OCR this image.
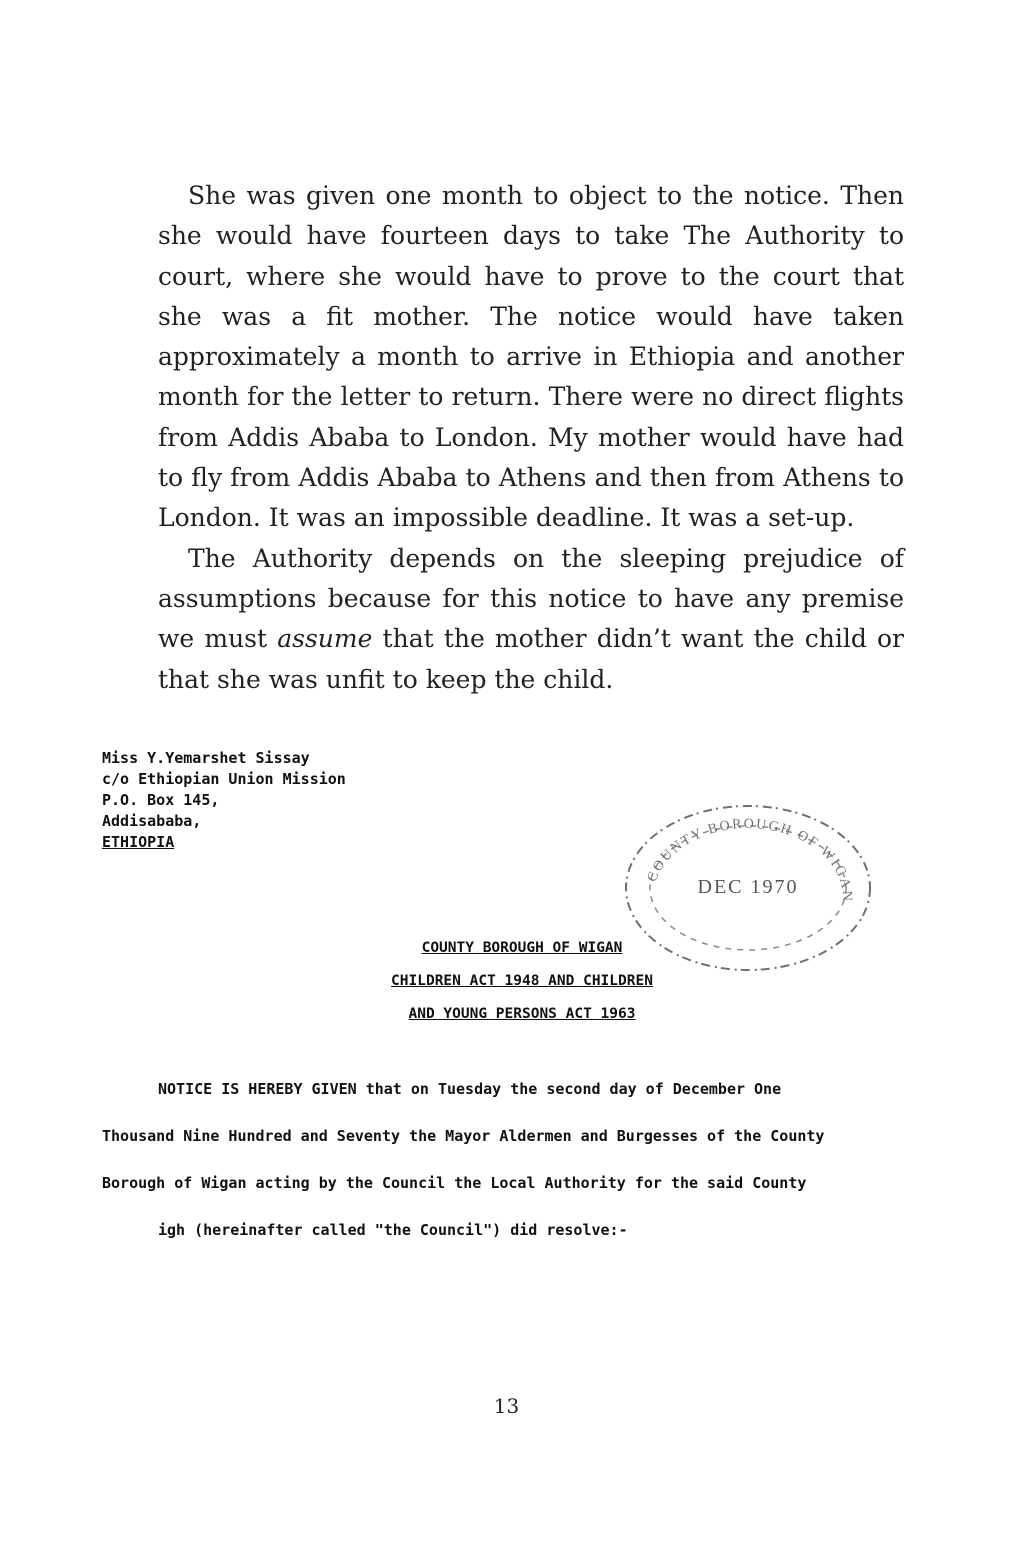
She was given one month to object to the notice. Then she would have fourteen days to take The Authority to court, where she would have to prove to the court that she was a fit mother. The notice would have taken approximately a month to arrive in Ethiopia and another month for the letter to return. There were no direct flights from Addis Ababa to London. My mother would have had to fly from Addis Ababa to Athens and then from Athens to London. It was an impossible deadline. It was a set-up.

The Authority depends on the sleeping prejudice of assumptions because for this notice to have any premise we must assume that the mother didn’t want the child or that she was unfit to keep the child.

Miss Y.Yemarshet Sissay
c/o Ethiopian Union Mission
P.O. Box 145,
Addisababa,
ETHIOPIA
COUNTY BOROUGH OF WIGAN
DEC 1970
COUNTY BOROUGH OF WIGAN
CHILDREN ACT 1948 AND CHILDREN
AND YOUNG PERSONS ACT 1963
NOTICE IS HEREBY GIVEN that on Tuesday the second day of December One
Thousand Nine Hundred and Seventy the Mayor Aldermen and Burgesses of the County
Borough of Wigan acting by the Council the Local Authority for the said County
igh (hereinafter called "the Council") did resolve:-
13
